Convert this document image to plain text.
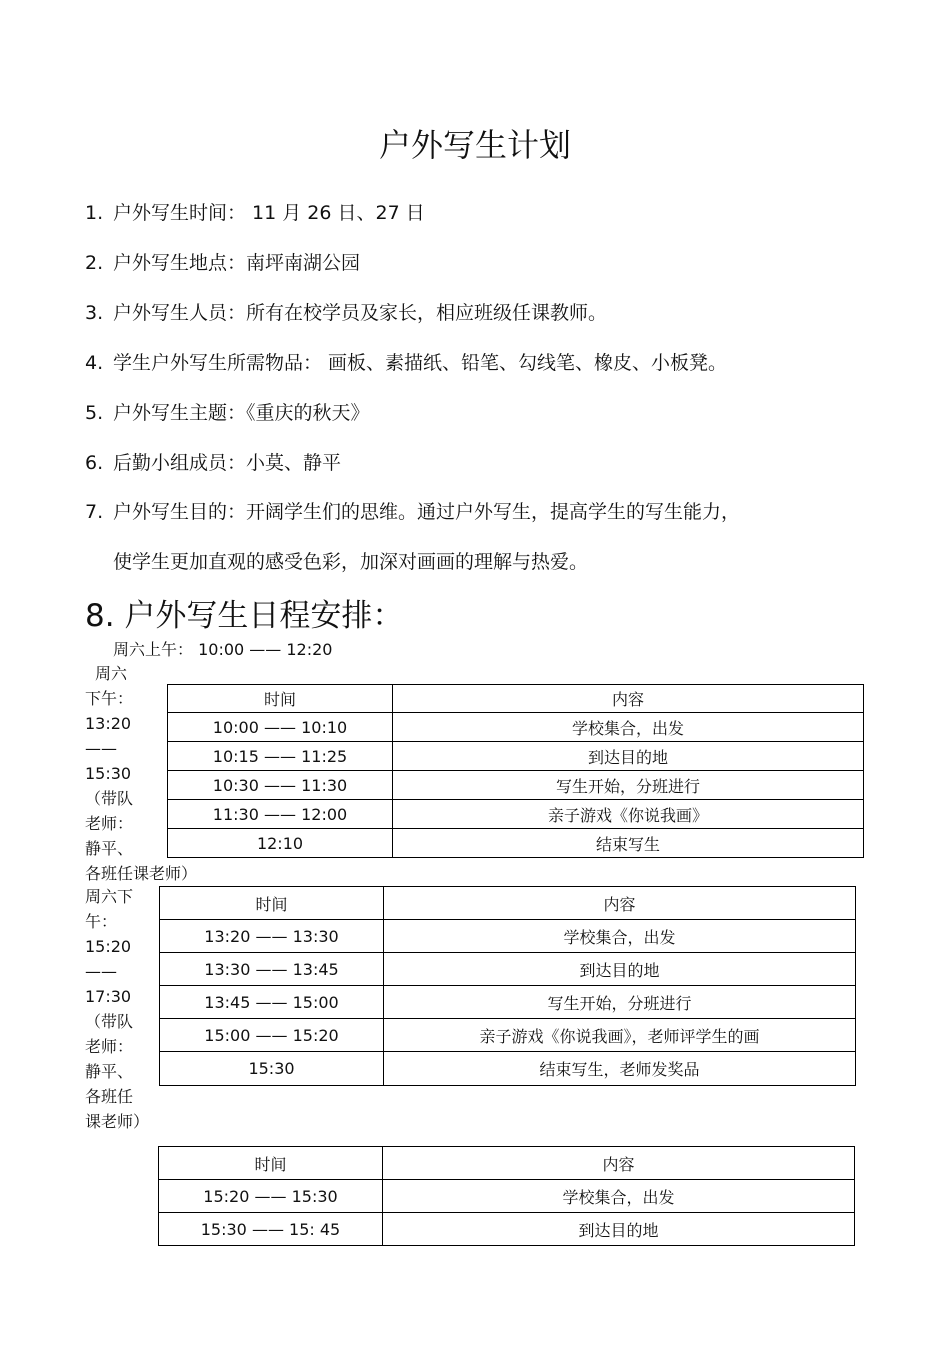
户外写生计划
1. 户外写生时间： 11 月 26 日、27 日
2. 户外写生地点：南坪南湖公园
3. 户外写生人员：所有在校学员及家长，相应班级任课教师。
4. 学生户外写生所需物品： 画板、素描纸、铅笔、勾线笔、橡皮、小板凳。
5. 户外写生主题：《重庆的秋天》
6. 后勤小组成员：小莫、静平
7. 户外写生目的：开阔学生们的思维。通过户外写生，提高学生的写生能力，
使学生更加直观的感受色彩，加深对画画的理解与热爱。
8. 户外写生日程安排：
周六上午： 10:00 —— 12:20
周六
下午：
13:20
——
15:30
（带队
老师：
静平、
各班任课老师）
时间	内容
10:00 —— 10:10	学校集合，出发
10:15 —— 11:25	到达目的地
10:30 —— 11:30	写生开始，分班进行
11:30 —— 12:00	亲子游戏《你说我画》
12:10	结束写生
周六下
午：
15:20
——
17:30
（带队
老师：
静平、
各班任
课老师）
时间	内容
13:20 —— 13:30	学校集合，出发
13:30 —— 13:45	到达目的地
13:45 —— 15:00	写生开始，分班进行
15:00 —— 15:20	亲子游戏《你说我画》，老师评学生的画
15:30	结束写生，老师发奖品
时间	内容
15:20 —— 15:30	学校集合，出发
15:30 —— 15: 45	到达目的地
